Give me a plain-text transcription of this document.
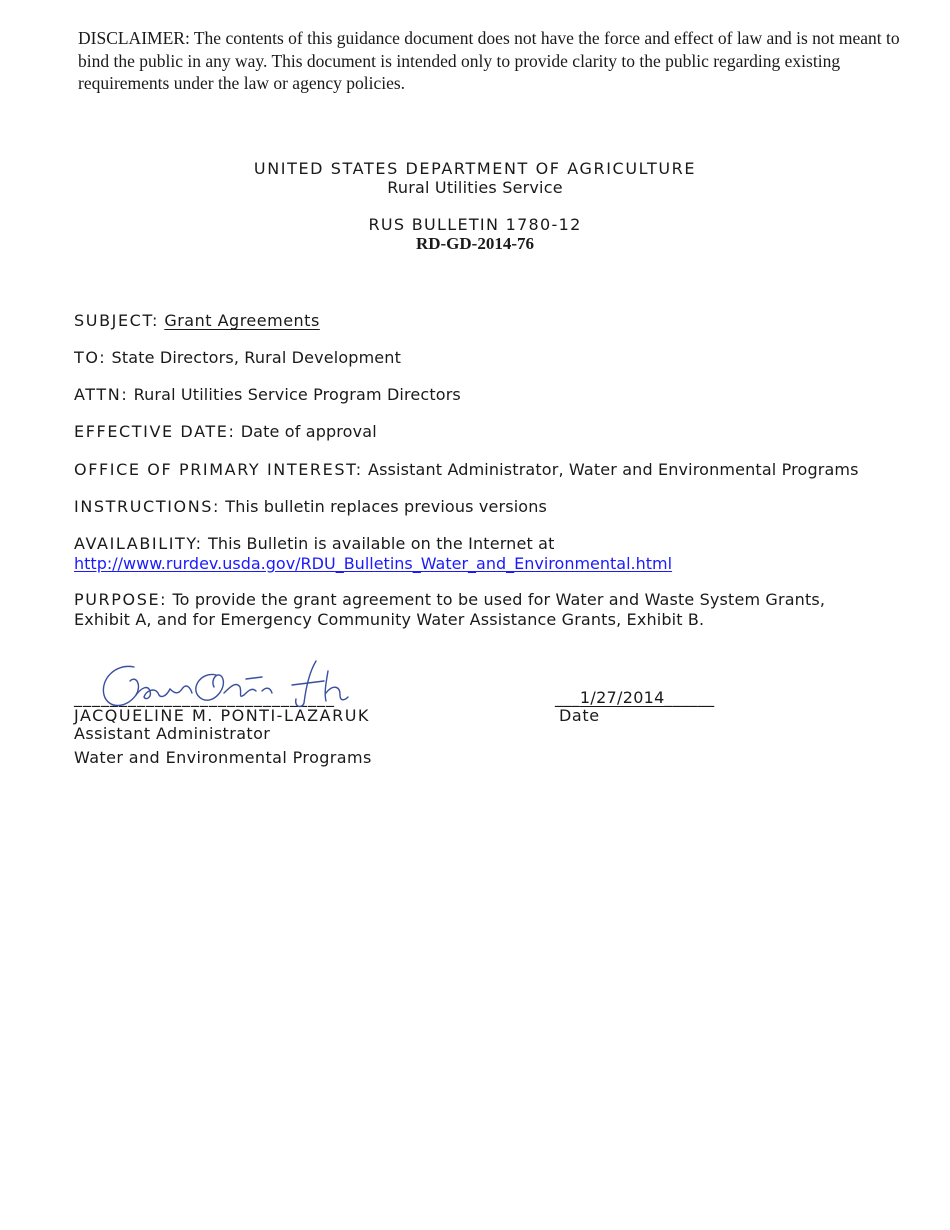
DISCLAIMER: The contents of this guidance document does not have the force and effect of law and is not meant to bind the public in any way. This document is intended only to provide clarity to the public regarding existing requirements under the law or agency policies.
UNITED STATES DEPARTMENT OF AGRICULTURE
Rural Utilities Service
RUS BULLETIN 1780-12
RD-GD-2014-76
SUBJECT: Grant Agreements
TO: State Directors, Rural Development
ATTN: Rural Utilities Service Program Directors
EFFECTIVE DATE: Date of approval
OFFICE OF PRIMARY INTEREST: Assistant Administrator, Water and Environmental Programs
INSTRUCTIONS: This bulletin replaces previous versions
AVAILABILITY: This Bulletin is available on the Internet at
http://www.rurdev.usda.gov/RDU_Bulletins_Water_and_Environmental.html
PURPOSE: To provide the grant agreement to be used for Water and Waste System Grants, Exhibit A, and for Emergency Community Water Assistance Grants, Exhibit B.
_____________________________	___1/27/2014______
JACQUELINE M. PONTI-LAZARUK	Date
Assistant Administrator
Water and Environmental Programs
